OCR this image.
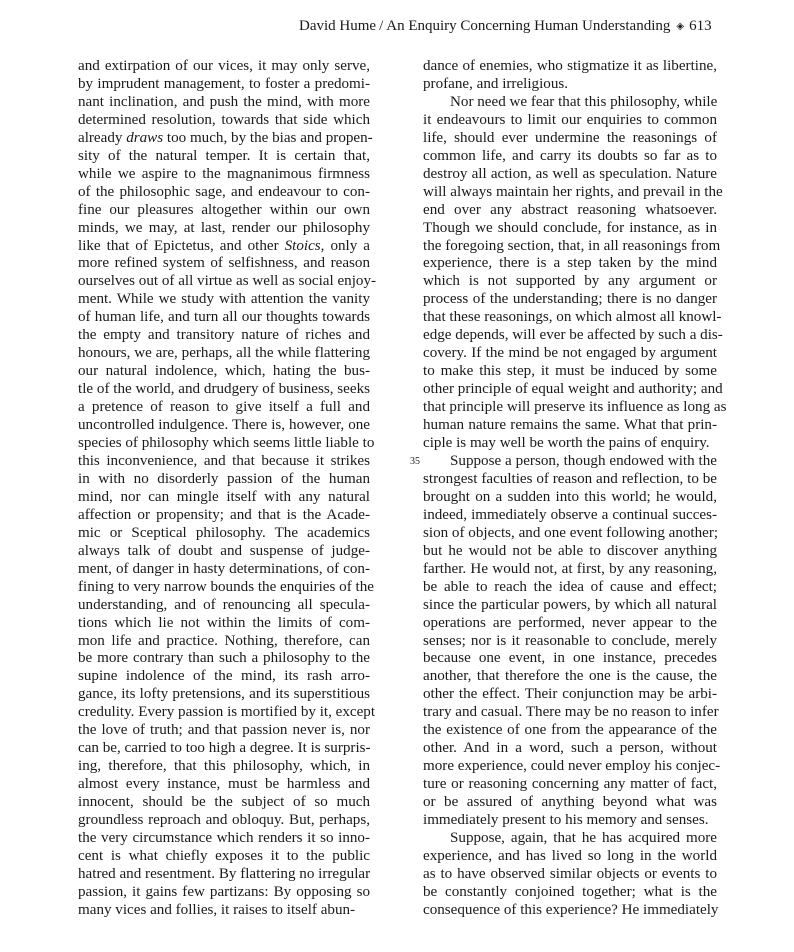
David Hume / An Enquiry Concerning Human Understanding ◈ 613
and extirpation of our vices, it may only serve,
by imprudent management, to foster a predomi-
nant inclination, and push the mind, with more
determined resolution, towards that side which
already draws too much, by the bias and propen-
sity of the natural temper. It is certain that,
while we aspire to the magnanimous firmness
of the philosophic sage, and endeavour to con-
fine our pleasures altogether within our own
minds, we may, at last, render our philosophy
like that of Epictetus, and other Stoics, only a
more refined system of selfishness, and reason
ourselves out of all virtue as well as social enjoy-
ment. While we study with attention the vanity
of human life, and turn all our thoughts towards
the empty and transitory nature of riches and
honours, we are, perhaps, all the while flattering
our natural indolence, which, hating the bus-
tle of the world, and drudgery of business, seeks
a pretence of reason to give itself a full and
uncontrolled indulgence. There is, however, one
species of philosophy which seems little liable to
this inconvenience, and that because it strikes
in with no disorderly passion of the human
mind, nor can mingle itself with any natural
affection or propensity; and that is the Acade-
mic or Sceptical philosophy. The academics
always talk of doubt and suspense of judge-
ment, of danger in hasty determinations, of con-
fining to very narrow bounds the enquiries of the
understanding, and of renouncing all specula-
tions which lie not within the limits of com-
mon life and practice. Nothing, therefore, can
be more contrary than such a philosophy to the
supine indolence of the mind, its rash arro-
gance, its lofty pretensions, and its superstitious
credulity. Every passion is mortified by it, except
the love of truth; and that passion never is, nor
can be, carried to too high a degree. It is surpris-
ing, therefore, that this philosophy, which, in
almost every instance, must be harmless and
innocent, should be the subject of so much
groundless reproach and obloquy. But, perhaps,
the very circumstance which renders it so inno-
cent is what chiefly exposes it to the public
hatred and resentment. By flattering no irregular
passion, it gains few partizans: By opposing so
many vices and follies, it raises to itself abun-
dance of enemies, who stigmatize it as libertine,
profane, and irreligious.
Nor need we fear that this philosophy, while
it endeavours to limit our enquiries to common
life, should ever undermine the reasonings of
common life, and carry its doubts so far as to
destroy all action, as well as speculation. Nature
will always maintain her rights, and prevail in the
end over any abstract reasoning whatsoever.
Though we should conclude, for instance, as in
the foregoing section, that, in all reasonings from
experience, there is a step taken by the mind
which is not supported by any argument or
process of the understanding; there is no danger
that these reasonings, on which almost all knowl-
edge depends, will ever be affected by such a dis-
covery. If the mind be not engaged by argument
to make this step, it must be induced by some
other principle of equal weight and authority; and
that principle will preserve its influence as long as
human nature remains the same. What that prin-
ciple is may well be worth the pains of enquiry.
Suppose a person, though endowed with the
strongest faculties of reason and reflection, to be
brought on a sudden into this world; he would,
indeed, immediately observe a continual succes-
sion of objects, and one event following another;
but he would not be able to discover anything
farther. He would not, at first, by any reasoning,
be able to reach the idea of cause and effect;
since the particular powers, by which all natural
operations are performed, never appear to the
senses; nor is it reasonable to conclude, merely
because one event, in one instance, precedes
another, that therefore the one is the cause, the
other the effect. Their conjunction may be arbi-
trary and casual. There may be no reason to infer
the existence of one from the appearance of the
other. And in a word, such a person, without
more experience, could never employ his conjec-
ture or reasoning concerning any matter of fact,
or be assured of anything beyond what was
immediately present to his memory and senses.
Suppose, again, that he has acquired more
experience, and has lived so long in the world
as to have observed similar objects or events to
be constantly conjoined together; what is the
consequence of this experience? He immediately
35
